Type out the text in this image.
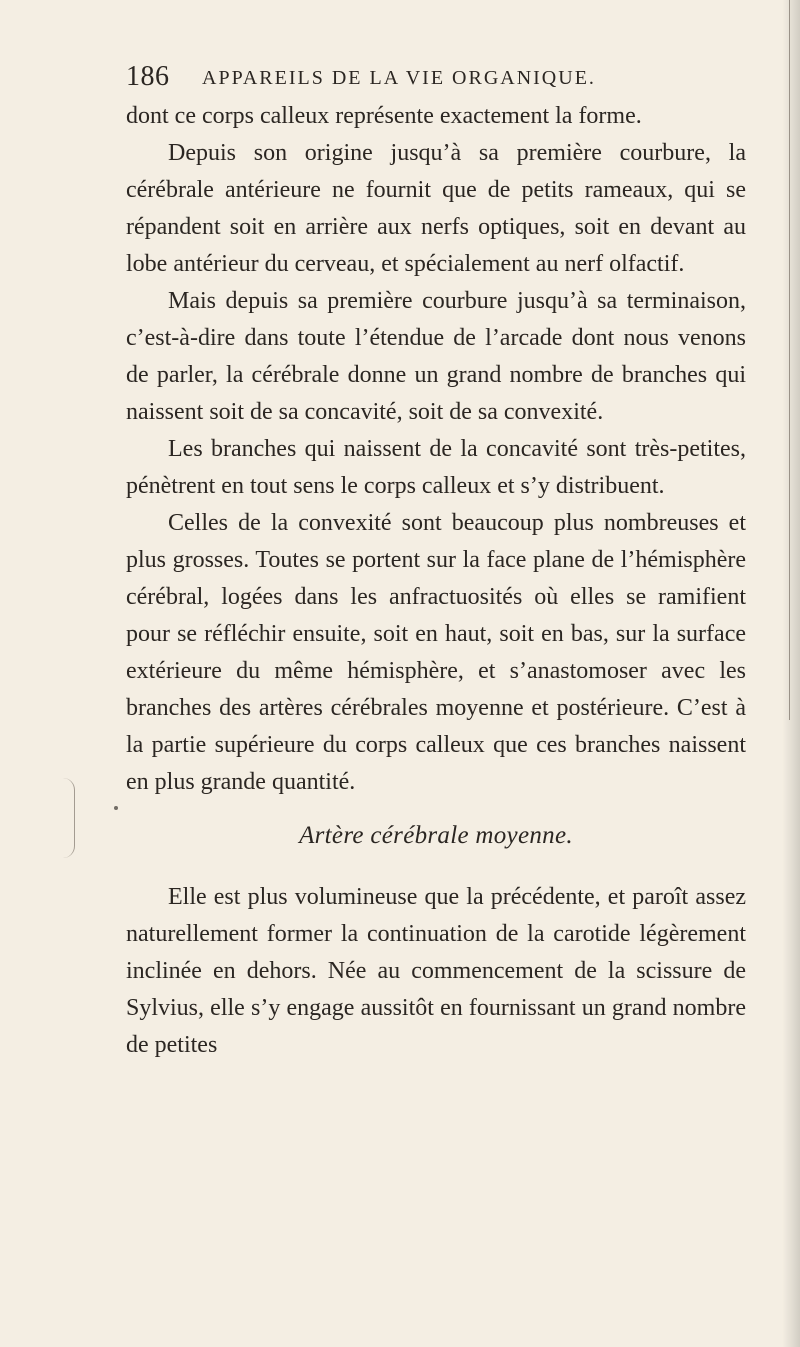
186 APPAREILS DE LA VIE ORGANIQUE.

dont ce corps calleux représente exactement la forme.

Depuis son origine jusqu’à sa première courbure, la cérébrale antérieure ne fournit que de petits rameaux, qui se répandent soit en arrière aux nerfs optiques, soit en devant au lobe antérieur du cerveau, et spécialement au nerf olfactif.

Mais depuis sa première courbure jusqu’à sa terminaison, c’est-à-dire dans toute l’étendue de l’arcade dont nous venons de parler, la cérébrale donne un grand nombre de branches qui naissent soit de sa concavité, soit de sa convexité.

Les branches qui naissent de la concavité sont très-petites, pénètrent en tout sens le corps calleux et s’y distribuent.

Celles de la convexité sont beaucoup plus nombreuses et plus grosses. Toutes se portent sur la face plane de l’hémisphère cérébral, logées dans les anfractuosités où elles se ramifient pour se réfléchir ensuite, soit en haut, soit en bas, sur la surface extérieure du même hémisphère, et s’anastomoser avec les branches des artères cérébrales moyenne et postérieure. C’est à la partie supérieure du corps calleux que ces branches naissent en plus grande quantité.

Artère cérébrale moyenne.

Elle est plus volumineuse que la précédente, et paroît assez naturellement former la continuation de la carotide légèrement inclinée en dehors. Née au commencement de la scissure de Sylvius, elle s’y engage aussitôt en fournissant un grand nombre de petites
